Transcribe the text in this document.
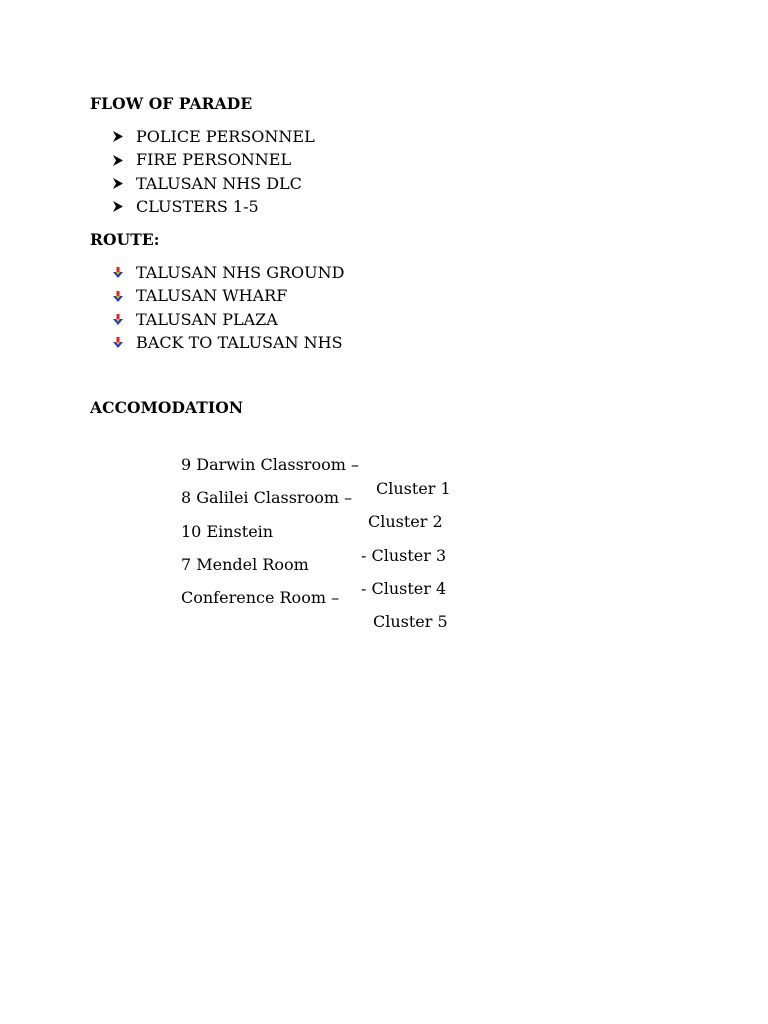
FLOW OF PARADE
POLICE PERSONNEL
FIRE PERSONNEL
TALUSAN NHS DLC
CLUSTERS 1-5
ROUTE:
TALUSAN NHS GROUND
TALUSAN WHARF
TALUSAN PLAZA
BACK TO TALUSAN NHS
ACCOMODATION

9 Darwin Classroom –

Cluster 1

8 Galilei Classroom –

Cluster 2

10 Einstein

- Cluster 3

7 Mendel Room

- Cluster 4

Conference Room –

Cluster 5
